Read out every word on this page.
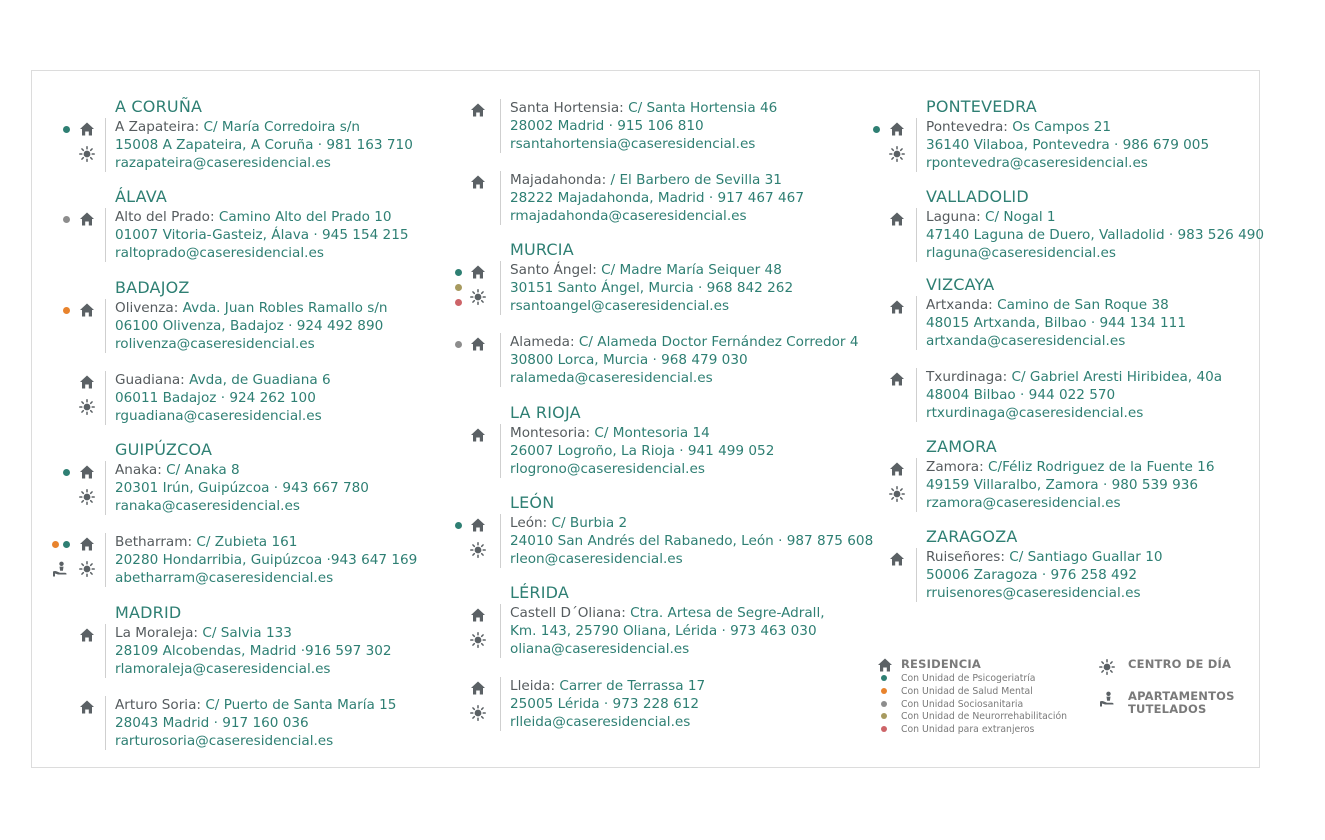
A CORUÑA
A Zapateira: C/ María Corredoira s/n
15008 A Zapateira, A Coruña · 981 163 710
razapateira@caseresidencial.es
ÁLAVA
Alto del Prado: Camino Alto del Prado 10
01007 Vitoria-Gasteiz, Álava · 945 154 215
raltoprado@caseresidencial.es
BADAJOZ
Olivenza: Avda. Juan Robles Ramallo s/n
06100 Olivenza, Badajoz · 924 492 890
rolivenza@caseresidencial.es
Guadiana: Avda, de Guadiana 6
06011 Badajoz · 924 262 100
rguadiana@caseresidencial.es
GUIPÚZCOA
Anaka: C/ Anaka 8
20301 Irún, Guipúzcoa · 943 667 780
ranaka@caseresidencial.es
Betharram: C/ Zubieta 161
20280 Hondarribia, Guipúzcoa ·943 647 169
abetharram@caseresidencial.es
MADRID
La Moraleja: C/ Salvia 133
28109 Alcobendas, Madrid ·916 597 302
rlamoraleja@caseresidencial.es
Arturo Soria: C/ Puerto de Santa María 15
28043 Madrid · 917 160 036
rarturosoria@caseresidencial.es
Santa Hortensia: C/ Santa Hortensia 46
28002 Madrid · 915 106 810
rsantahortensia@caseresidencial.es
Majadahonda: / El Barbero de Sevilla 31
28222 Majadahonda, Madrid · 917 467 467
rmajadahonda@caseresidencial.es
MURCIA
Santo Ángel: C/ Madre María Seiquer 48
30151 Santo Ángel, Murcia · 968 842 262
rsantoangel@caseresidencial.es
Alameda: C/ Alameda Doctor Fernández Corredor 4
30800 Lorca, Murcia · 968 479 030
ralameda@caseresidencial.es
LA RIOJA
Montesoria: C/ Montesoria 14
26007 Logroño, La Rioja · 941 499 052
rlogrono@caseresidencial.es
LEÓN
León: C/ Burbia 2
24010 San Andrés del Rabanedo, León · 987 875 608
rleon@caseresidencial.es
LÉRIDA
Castell D´Oliana: Ctra. Artesa de Segre-Adrall,
Km. 143, 25790 Oliana, Lérida · 973 463 030
oliana@caseresidencial.es
Lleida: Carrer de Terrassa 17
25005 Lérida · 973 228 612
rlleida@caseresidencial.es
PONTEVEDRA
Pontevedra: Os Campos 21
36140 Vilaboa, Pontevedra · 986 679 005
rpontevedra@caseresidencial.es
VALLADOLID
Laguna: C/ Nogal 1
47140 Laguna de Duero, Valladolid · 983 526 490
rlaguna@caseresidencial.es
VIZCAYA
Artxanda: Camino de San Roque 38
48015 Artxanda, Bilbao · 944 134 111
artxanda@caseresidencial.es
Txurdinaga: C/ Gabriel Aresti Hiribidea, 40a
48004 Bilbao · 944 022 570
rtxurdinaga@caseresidencial.es
ZAMORA
Zamora: C/Féliz Rodriguez de la Fuente 16
49159 Villaralbo, Zamora · 980 539 936
rzamora@caseresidencial.es
ZARAGOZA
Ruiseñores: C/ Santiago Guallar 10
50006 Zaragoza · 976 258 492
rruisenores@caseresidencial.es
RESIDENCIA
Con Unidad de Psicogeriatría
Con Unidad de Salud Mental
Con Unidad Sociosanitaria
Con Unidad de Neurorrehabilitación
Con Unidad para extranjeros
CENTRO DE DÍA
APARTAMENTOS
TUTELADOS
